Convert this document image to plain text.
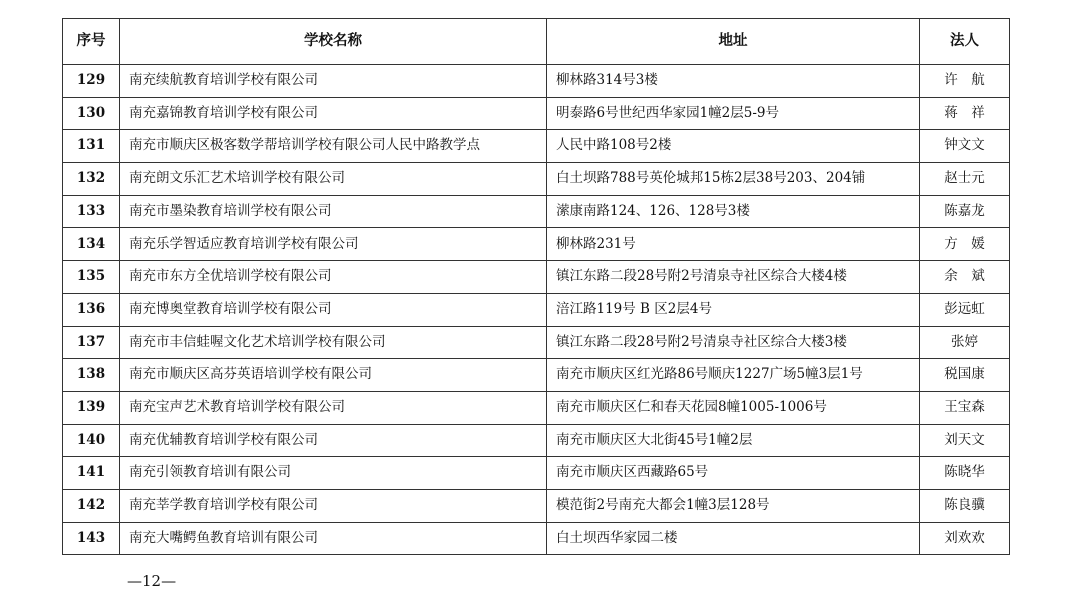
序号	学校名称	地址	法人
129	南充续航教育培训学校有限公司	柳林路314号3楼	许　航
130	南充嘉锦教育培训学校有限公司	明泰路6号世纪西华家园1幢2层5-9号	蒋　祥
131	南充市顺庆区极客数学帮培训学校有限公司人民中路教学点	人民中路108号2楼	钟文文
132	南充朗文乐汇艺术培训学校有限公司	白土坝路788号英伦城邦15栋2层38号203、204铺	赵士元
133	南充市墨染教育培训学校有限公司	潆康南路124、126、128号3楼	陈嘉龙
134	南充乐学智适应教育培训学校有限公司	柳林路231号	方　媛
135	南充市东方全优培训学校有限公司	镇江东路二段28号附2号清泉寺社区综合大楼4楼	余　斌
136	南充博奥堂教育培训学校有限公司	涪江路119号 B 区2层4号	彭远虹
137	南充市丰信蛙喔文化艺术培训学校有限公司	镇江东路二段28号附2号清泉寺社区综合大楼3楼	张婷
138	南充市顺庆区高芬英语培训学校有限公司	南充市顺庆区红光路86号顺庆1227广场5幢3层1号	税国康
139	南充宝声艺术教育培训学校有限公司	南充市顺庆区仁和春天花园8幢1005-1006号	王宝森
140	南充优辅教育培训学校有限公司	南充市顺庆区大北街45号1幢2层	刘天文
141	南充引领教育培训有限公司	南充市顺庆区西藏路65号	陈晓华
142	南充莘学教育培训学校有限公司	模范街2号南充大都会1幢3层128号	陈良骥
143	南充大嘴鳄鱼教育培训有限公司	白土坝西华家园二楼	刘欢欢
—12—
